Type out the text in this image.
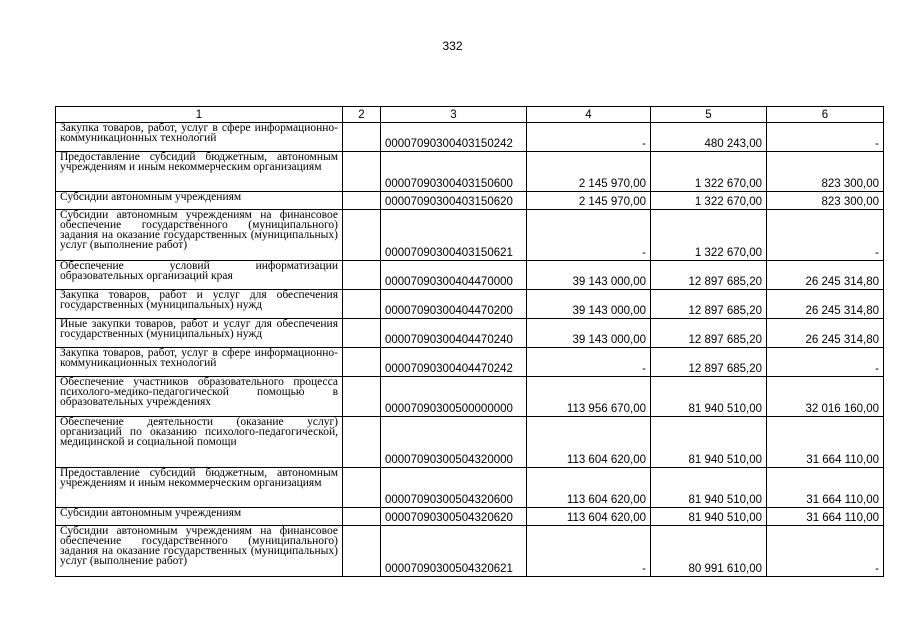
332
1	2	3	4	5	6
Закупка товаров, работ, услуг в сфере информационно-коммуникационных технологий		00007090300403150242	-	480 243,00	-
Предоставление субсидий бюджетным, автономным учреждениям и иным некоммерческим организациям		00007090300403150600	2 145 970,00	1 322 670,00	823 300,00
Субсидии автономным учреждениям		00007090300403150620	2 145 970,00	1 322 670,00	823 300,00
Субсидии автономным учреждениям на финансовое обеспечение государственного (муниципального) задания на оказание государственных (муниципальных) услуг (выполнение работ)		00007090300403150621	-	1 322 670,00	-
Обеспечение условий информатизации образовательных организаций края		00007090300404470000	39 143 000,00	12 897 685,20	26 245 314,80
Закупка товаров, работ и услуг для обеспечения государственных (муниципальных) нужд		00007090300404470200	39 143 000,00	12 897 685,20	26 245 314,80
Иные закупки товаров, работ и услуг для обеспечения государственных (муниципальных) нужд		00007090300404470240	39 143 000,00	12 897 685,20	26 245 314,80
Закупка товаров, работ, услуг в сфере информационно-коммуникационных технологий		00007090300404470242	-	12 897 685,20	-
Обеспечение участников образовательного процесса психолого-медико-педагогической помощью в образовательных учреждениях		00007090300500000000	113 956 670,00	81 940 510,00	32 016 160,00
Обеспечение деятельности (оказание услуг) организаций по оказанию психолого-педагогической, медицинской и социальной помощи		00007090300504320000	113 604 620,00	81 940 510,00	31 664 110,00
Предоставление субсидий бюджетным, автономным учреждениям и иным некоммерческим организациям		00007090300504320600	113 604 620,00	81 940 510,00	31 664 110,00
Субсидии автономным учреждениям		00007090300504320620	113 604 620,00	81 940 510,00	31 664 110,00
Субсидии автономным учреждениям на финансовое обеспечение государственного (муниципального) задания на оказание государственных (муниципальных) услуг (выполнение работ)		00007090300504320621	-	80 991 610,00	-
